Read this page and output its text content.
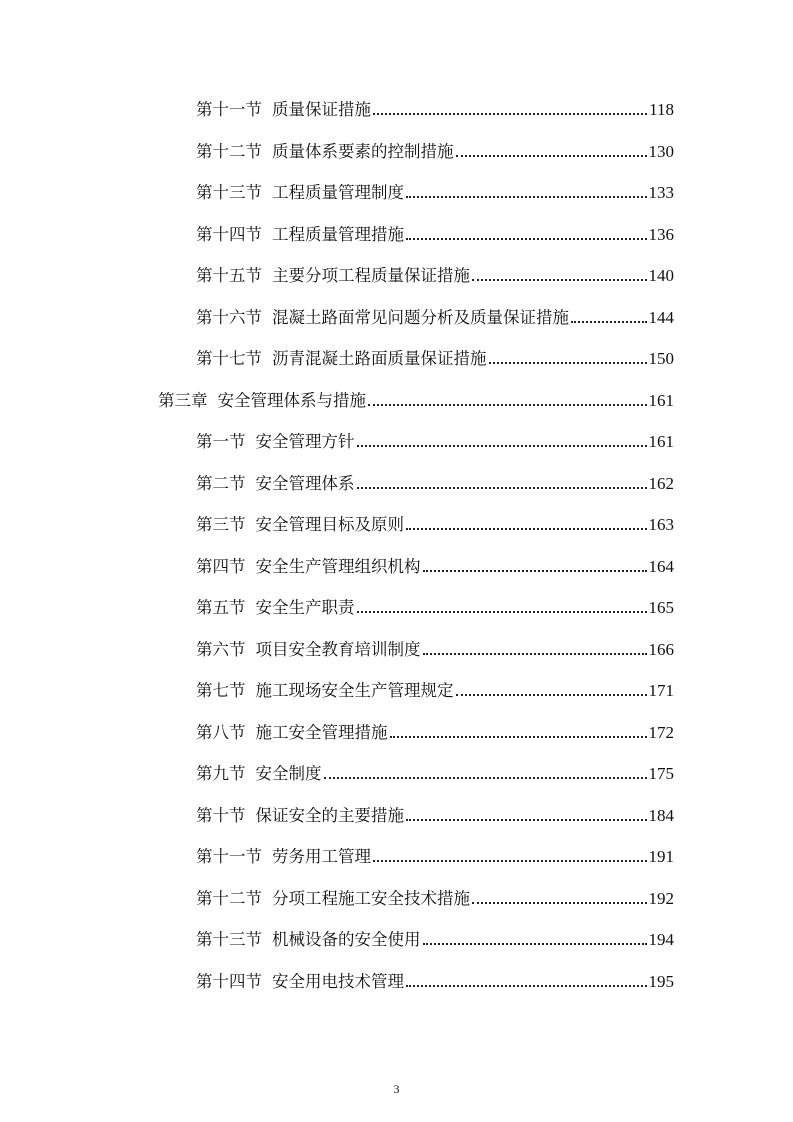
第十一节 质量保证措施	118
第十二节 质量体系要素的控制措施	130
第十三节 工程质量管理制度	133
第十四节 工程质量管理措施	136
第十五节 主要分项工程质量保证措施	140
第十六节 混凝土路面常见问题分析及质量保证措施	144
第十七节 沥青混凝土路面质量保证措施	150
第三章 安全管理体系与措施	161
第一节 安全管理方针	161
第二节 安全管理体系	162
第三节 安全管理目标及原则	163
第四节 安全生产管理组织机构	164
第五节 安全生产职责	165
第六节 项目安全教育培训制度	166
第七节 施工现场安全生产管理规定	171
第八节 施工安全管理措施	172
第九节 安全制度	175
第十节 保证安全的主要措施	184
第十一节 劳务用工管理	191
第十二节 分项工程施工安全技术措施	192
第十三节 机械设备的安全使用	194
第十四节 安全用电技术管理	195
3
